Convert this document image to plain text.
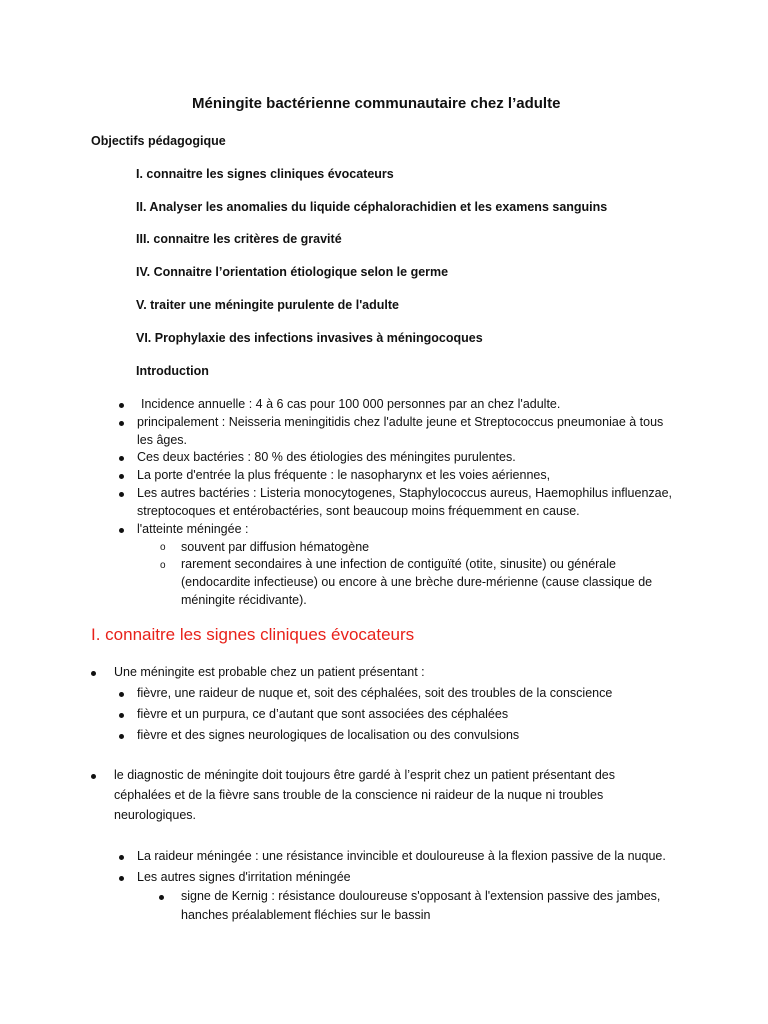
Méningite bactérienne communautaire chez l’adulte
Objectifs pédagogique
I. connaitre les signes cliniques évocateurs
II. Analyser les anomalies du liquide céphalorachidien et les examens sanguins
III. connaitre les critères de gravité
IV. Connaitre l’orientation étiologique selon le germe
V. traiter une méningite purulente de l'adulte
VI. Prophylaxie des infections invasives à méningocoques
Introduction
Incidence annuelle : 4 à 6 cas pour 100 000 personnes par an chez l'adulte.
principalement : Neisseria meningitidis chez l'adulte jeune et Streptococcus pneumoniae à tous
les âges.
Ces deux bactéries : 80 % des étiologies des méningites purulentes.
La porte d'entrée la plus fréquente : le nasopharynx et les voies aériennes,
Les autres bactéries : Listeria monocytogenes, Staphylococcus aureus, Haemophilus influenzae,
streptocoques et entérobactéries, sont beaucoup moins fréquemment en cause.
l'atteinte méningée :
o souvent par diffusion hématogène
o rarement secondaires à une infection de contiguïté (otite, sinusite) ou générale
(endocardite infectieuse) ou encore à une brèche dure-mérienne (cause classique de
méningite récidivante).
I. connaitre les signes cliniques évocateurs
Une méningite est probable chez un patient présentant :
fièvre, une raideur de nuque et, soit des céphalées, soit des troubles de la conscience
fièvre et un purpura, ce d’autant que sont associées des céphalées
fièvre et des signes neurologiques de localisation ou des convulsions
le diagnostic de méningite doit toujours être gardé à l’esprit chez un patient présentant des
céphalées et de la fièvre sans trouble de la conscience ni raideur de la nuque ni troubles
neurologiques.
La raideur méningée : une résistance invincible et douloureuse à la flexion passive de la nuque.
Les autres signes d'irritation méningée
signe de Kernig : résistance douloureuse s'opposant à l'extension passive des jambes,
hanches préalablement fléchies sur le bassin
